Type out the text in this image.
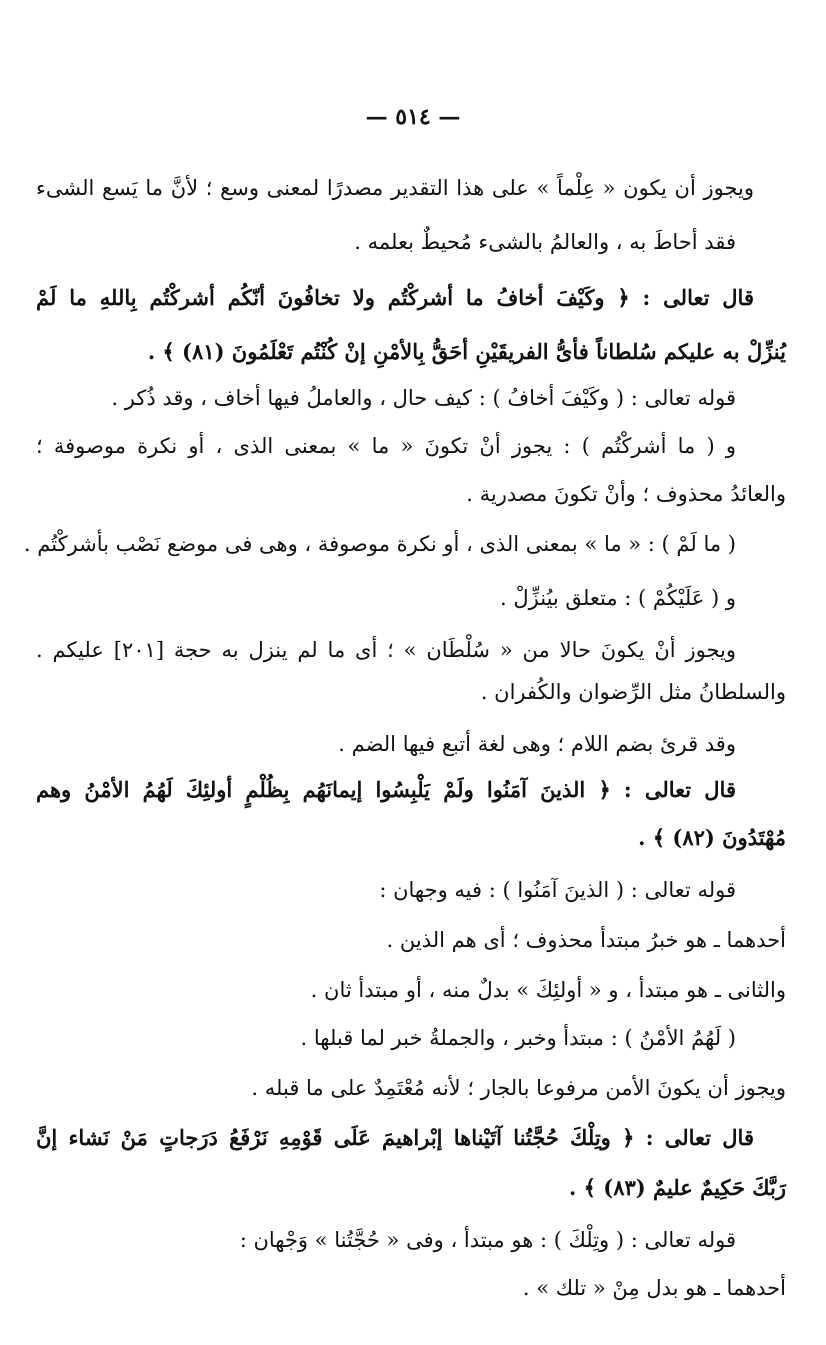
— ٥١٤ —
ويجوز أن يكون « عِلْماً » على هذا التقدير مصدرًا لمعنى وسع ؛ لأنَّ ما يَسع الشىء
فقد أحاطَ به ، والعالمُ بالشىء مُحيطٌ بعلمه .
قال تعالى : ﴿ وكَيْفَ أخافُ ما أشركْتُم ولا تخافُونَ أنّكُم أشركْتُم بِاللهِ ما لَمْ
يُنزِّلْ به عليكم سُلطاناً فأىُّ الفريقَيْنِ أحَقُّ بِالأمْنِ إنْ كُنْتُم تَعْلَمُونَ (٨١) ﴾ .
قوله تعالى : ( وكَيْفَ أخافُ ) : كيف حال ، والعاملُ فيها أخاف ، وقد ذُكر .
و ( ما أشركْتُم ) : يجوز أنْ تكونَ « ما » بمعنى الذى ، أو نكرة موصوفة ؛
والعائدُ محذوف ؛ وأنْ تكونَ مصدرية .
( ما لَمْ ) : « ما » بمعنى الذى ، أو نكرة موصوفة ، وهى فى موضع نَصْب بأشركْتُم .
و ( عَلَيْكُمْ ) : متعلق بيُنزِّلْ .
ويجوز أنْ يكونَ حالا من « سُلْطَان » ؛ أى ما لم ينزل به حجة [٢٠١] عليكم .
والسلطانُ مثل الرِّضوان والكُفران .
وقد قرئ بضم اللام ؛ وهى لغة أتبع فيها الضم .
قال تعالى : ﴿ الذينَ آمَنُوا ولَمْ يَلْبِسُوا إيمانَهُم بِظُلْمٍ أولئِكَ لَهُمُ الأمْنُ وهم
مُهْتَدُونَ (٨٢) ﴾ .
قوله تعالى : ( الذينَ آمَنُوا ) : فيه وجهان :
أحدهما ـ هو خبرُ مبتدأ محذوف ؛ أى هم الذين .
والثانى ـ هو مبتدأ ، و « أولئِكَ » بدلٌ منه ، أو مبتدأ ثان .
( لَهُمُ الأمْنُ ) : مبتدأ وخبر ، والجملةُ خبر لما قبلها .
ويجوز أن يكونَ الأمن مرفوعا بالجار ؛ لأنه مُعْتَمِدٌ على ما قبله .
قال تعالى : ﴿ وتِلْكَ حُجَّتُنا آتَيْناها إبْراهيمَ عَلَى قَوْمِهِ نَرْفَعُ دَرَجاتٍ مَنْ نَشاء إنَّ
رَبَّكَ حَكِيمٌ عليمٌ (٨٣) ﴾ .
قوله تعالى : ( وتِلْكَ ) : هو مبتدأ ، وفى « حُجَّتُنا » وَجْهان :
أحدهما ـ هو بدل مِنْ « تلك » .
